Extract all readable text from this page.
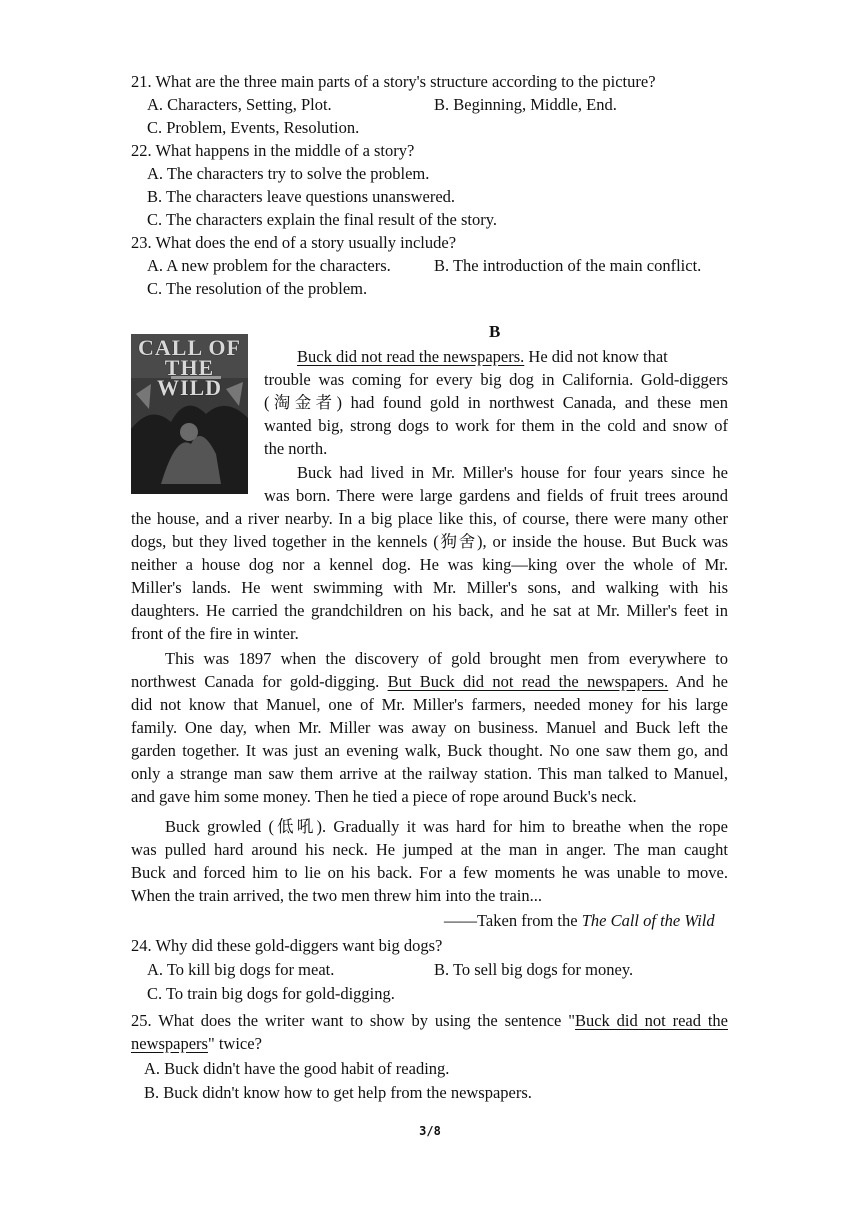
21. What are the three main parts of a story's structure according to the picture?
A. Characters, Setting, Plot.	B. Beginning, Middle, End.
C. Problem, Events, Resolution.
22. What happens in the middle of a story?
A. The characters try to solve the problem.
B. The characters leave questions unanswered.
C. The characters explain the final result of the story.
23. What does the end of a story usually include?
A. A new problem for the characters.	B. The introduction of the main conflict.
C. The resolution of the problem.
B
CALL OF THE WILD
Buck did not read the newspapers. He did not know that
trouble was coming for every big dog in California. Gold-diggers
(淘金者) had found gold in northwest Canada, and these men
wanted big, strong dogs to work for them in the cold and snow of
the north.
Buck had lived in Mr. Miller's house for four years since he
was born. There were large gardens and fields of fruit trees around
the house, and a river nearby. In a big place like this, of course, there were many other
dogs, but they lived together in the kennels (狗舍), or inside the house. But Buck was
neither a house dog nor a kennel dog. He was king—king over the whole of Mr.
Miller's lands. He went swimming with Mr. Miller's sons, and walking with his
daughters. He carried the grandchildren on his back, and he sat at Mr. Miller's feet in
front of the fire in winter.
This was 1897 when the discovery of gold brought men from everywhere to
northwest Canada for gold-digging. But Buck did not read the newspapers. And he
did not know that Manuel, one of Mr. Miller's farmers, needed money for his large
family. One day, when Mr. Miller was away on business. Manuel and Buck left the
garden together. It was just an evening walk, Buck thought. No one saw them go, and
only a strange man saw them arrive at the railway station. This man talked to Manuel,
and gave him some money. Then he tied a piece of rope around Buck's neck.
Buck growled (低吼). Gradually it was hard for him to breathe when the rope
was pulled hard around his neck. He jumped at the man in anger. The man caught
Buck and forced him to lie on his back. For a few moments he was unable to move.
When the train arrived, the two men threw him into the train...
——Taken from the The Call of the Wild
24. Why did these gold-diggers want big dogs?
A. To kill big dogs for meat.	B. To sell big dogs for money.
C. To train big dogs for gold-digging.
25. What does the writer want to show by using the sentence "Buck did not read the
newspapers" twice?
A. Buck didn't have the good habit of reading.
B. Buck didn't know how to get help from the newspapers.
3/8
